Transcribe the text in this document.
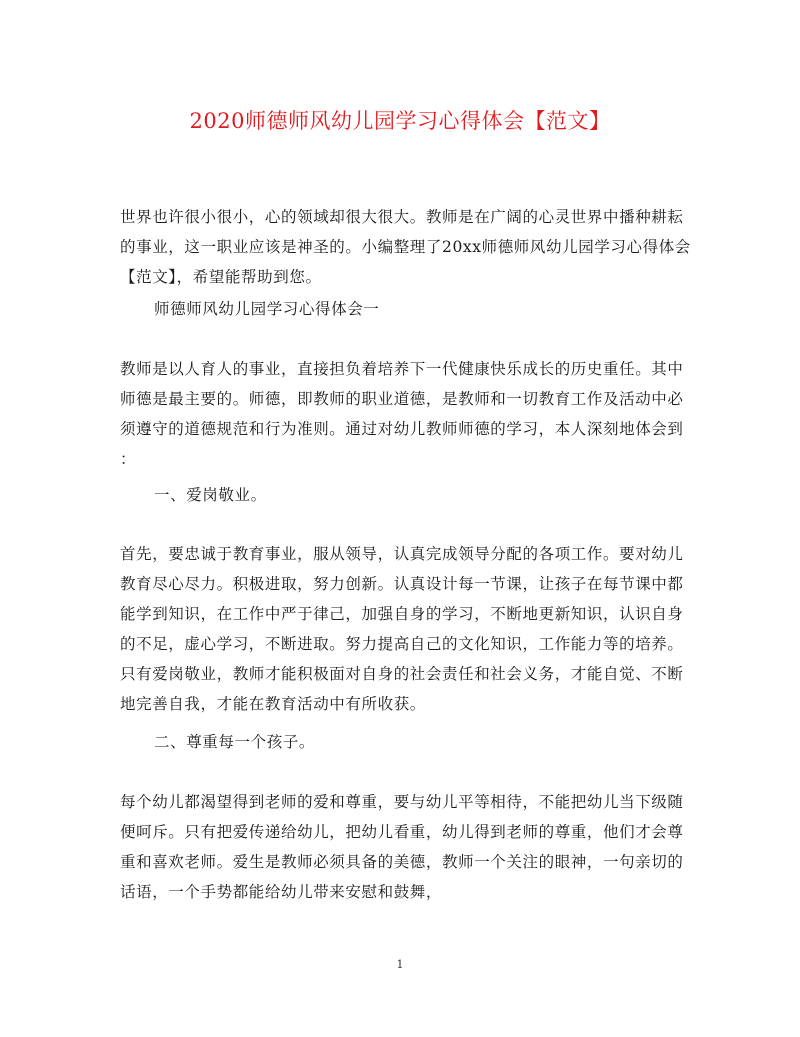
2020师德师风幼儿园学习心得体会【范文】
世界也许很小很小，心的领域却很大很大。教师是在广阔的心灵世界中播种耕耘
的事业，这一职业应该是神圣的。小编整理了20xx师德师风幼儿园学习心得体会
【范文】，希望能帮助到您。
师德师风幼儿园学习心得体会一
教师是以人育人的事业，直接担负着培养下一代健康快乐成长的历史重任。其中
师德是最主要的。师德，即教师的职业道德，是教师和一切教育工作及活动中必
须遵守的道德规范和行为准则。通过对幼儿教师师德的学习，本人深刻地体会到
：
一、爱岗敬业。
首先，要忠诚于教育事业，服从领导，认真完成领导分配的各项工作。要对幼儿
教育尽心尽力。积极进取，努力创新。认真设计每一节课，让孩子在每节课中都
能学到知识，在工作中严于律己，加强自身的学习，不断地更新知识，认识自身
的不足，虚心学习，不断进取。努力提高自己的文化知识，工作能力等的培养。
只有爱岗敬业，教师才能积极面对自身的社会责任和社会义务，才能自觉、不断
地完善自我，才能在教育活动中有所收获。
二、尊重每一个孩子。
每个幼儿都渴望得到老师的爱和尊重，要与幼儿平等相待，不能把幼儿当下级随
便呵斥。只有把爱传递给幼儿，把幼儿看重，幼儿得到老师的尊重，他们才会尊
重和喜欢老师。爱生是教师必须具备的美德，教师一个关注的眼神，一句亲切的
话语，一个手势都能给幼儿带来安慰和鼓舞，
1
